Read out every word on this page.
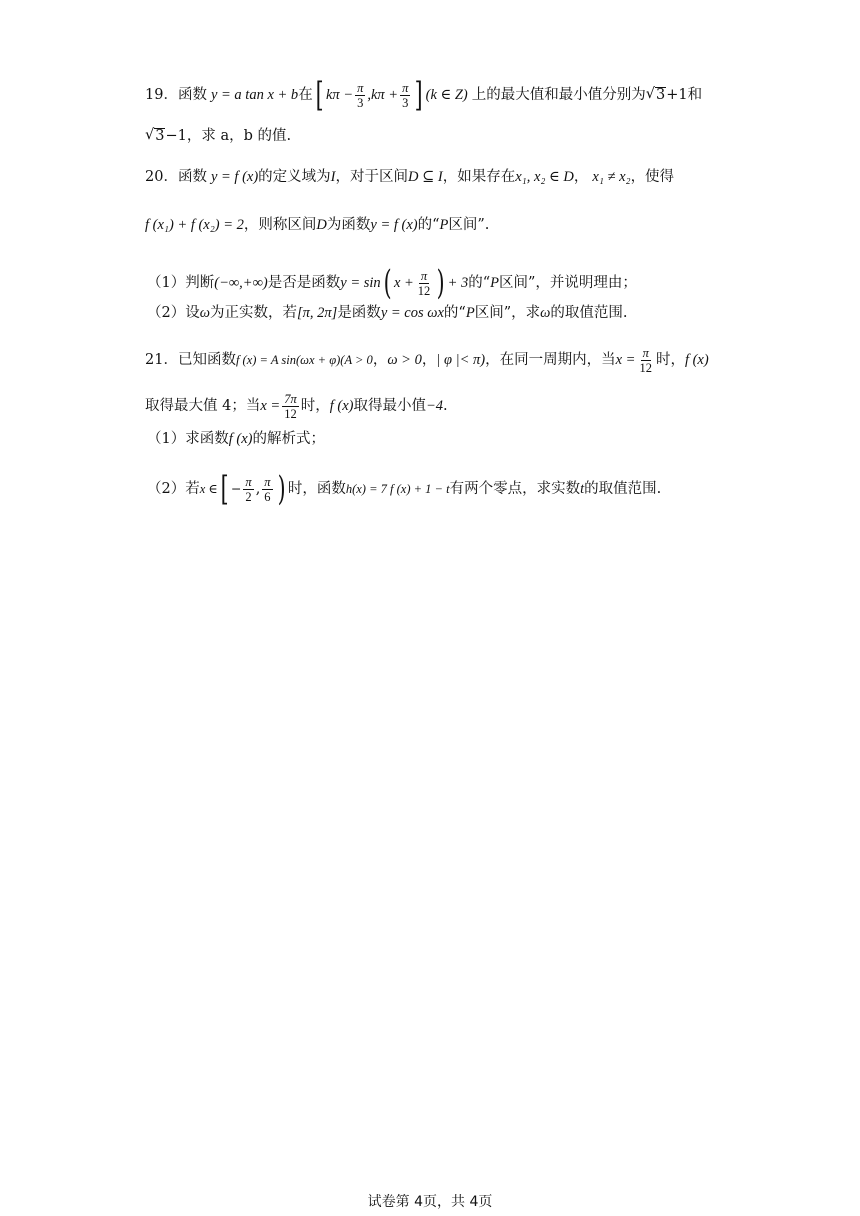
19．函数 y = a tan x + b 在 [ $k\pi - \frac{\pi}{3} ,k\pi + \frac{\pi}{3}$ ] (k ∈ Z) 上的最大值和最小值分别为 √ 3 +1 和
√ 3 −1 ，求 a，b 的值.
20．函数 y = f (x) 的定义域为 I ，对于区间 D ⊆ I ，如果存在 x₁, x₂ ∈ D ， x₁ ≠ x₂ ，使得
f (x₁) + f (x₂) = 2 ，则称区间 D 为函数 y = f (x) 的“ P 区间”.
（1）判断 (−∞,+∞) 是否是函数 y = sin ( $x + \frac{\pi}{12}$ ) + 3 的“ P 区间”，并说明理由；
（2）设 ω 为正实数，若 [π, 2π] 是函数 y = cos ωx 的“ P 区间”，求 ω 的取值范围.
21．已知函数 f (x) = A sin(ωx + φ)(A > 0 ， ω > 0 ， | φ |< π) ，在同一周期内，当 $x = \frac{\pi}{12}$ 时， f (x)
取得最大值 4；当 $x = \frac{7\pi}{12}$ 时， f (x) 取得最小值 −4 .
（1）求函数 f (x) 的解析式；
（2）若 x ∈ [ − $\frac{\pi}{2}$ , $\frac{\pi}{6}$ ) 时，函数 h(x) = 7 f (x) + 1 − t 有两个零点，求实数 t 的取值范围.
试卷第 4页，共 4页
